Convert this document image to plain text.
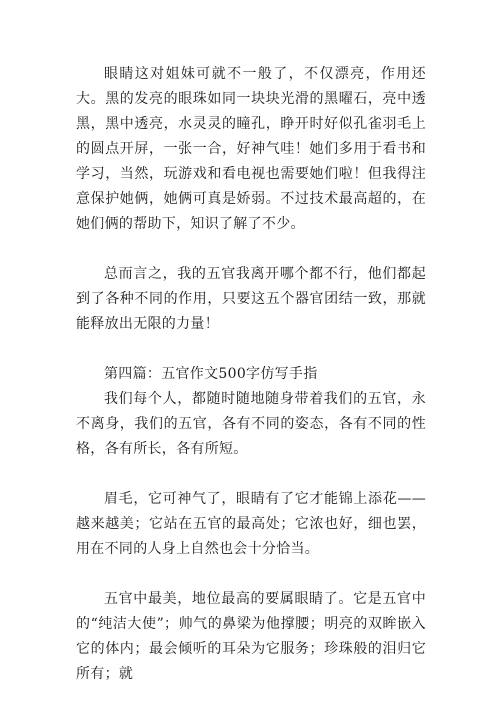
眼睛这对姐妹可就不一般了，不仅漂亮，作用还大。黑的发亮的眼珠如同一块块光滑的黑曜石，亮中透黑，黑中透亮，水灵灵的瞳孔，睁开时好似孔雀羽毛上的圆点开屏，一张一合，好神气哇！她们多用于看书和学习，当然，玩游戏和看电视也需要她们啦！但我得注意保护她俩，她俩可真是娇弱。不过技术最高超的，在她们俩的帮助下，知识了解了不少。

总而言之，我的五官我离开哪个都不行，他们都起到了各种不同的作用，只要这五个器官团结一致，那就能释放出无限的力量！

第四篇：五官作文500字仿写手指

我们每个人，都随时随地随身带着我们的五官，永不离身，我们的五官，各有不同的姿态，各有不同的性格，各有所长，各有所短。

眉毛，它可神气了，眼睛有了它才能锦上添花——越来越美；它站在五官的最高处；它浓也好，细也罢，用在不同的人身上自然也会十分恰当。

五官中最美，地位最高的要属眼睛了。它是五官中的“纯洁大使”；帅气的鼻梁为他撑腰；明亮的双眸嵌入它的体内；最会倾听的耳朵为它服务；珍珠般的泪归它所有；就
